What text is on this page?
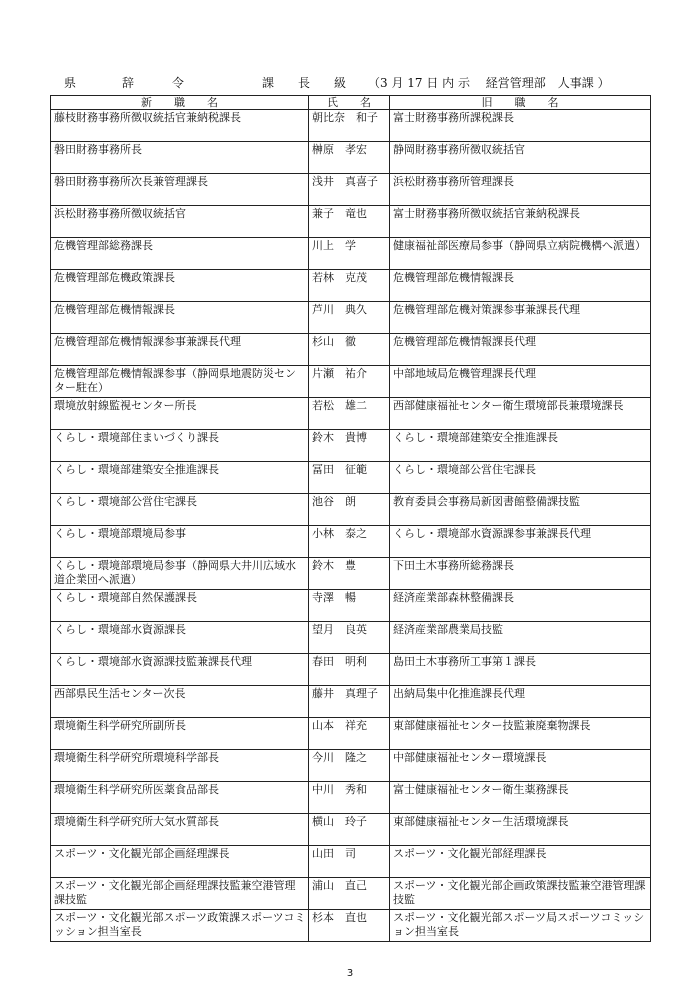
県	辞	令	課 長 級	（3 月 17 日 内 示　 経営管理部　人事課 ）
新　　職　　名	氏　　名	旧　　職　　名
藤枝財務事務所徴収統括官兼納税課長	朝比奈　和子	富士財務事務所課税課長
磐田財務事務所長	榊原　孝宏	静岡財務事務所徴収統括官
磐田財務事務所次長兼管理課長	浅井　真喜子	浜松財務事務所管理課長
浜松財務事務所徴収統括官	兼子　竜也	富士財務事務所徴収統括官兼納税課長
危機管理部総務課長	川上　学	健康福祉部医療局参事（静岡県立病院機構へ派遣）
危機管理部危機政策課長	若林　克茂	危機管理部危機情報課長
危機管理部危機情報課長	芦川　典久	危機管理部危機対策課参事兼課長代理
危機管理部危機情報課参事兼課長代理	杉山　徹	危機管理部危機情報課長代理
危機管理部危機情報課参事（静岡県地震防災センター駐在）	片瀬　祐介	中部地域局危機管理課長代理
環境放射線監視センター所長	若松　雄二	西部健康福祉センター衛生環境部長兼環境課長
くらし・環境部住まいづくり課長	鈴木　貴博	くらし・環境部建築安全推進課長
くらし・環境部建築安全推進課長	冨田　征範	くらし・環境部公営住宅課長
くらし・環境部公営住宅課長	池谷　朗	教育委員会事務局新図書館整備課技監
くらし・環境部環境局参事	小林　泰之	くらし・環境部水資源課参事兼課長代理
くらし・環境部環境局参事（静岡県大井川広域水道企業団へ派遣）	鈴木　豊	下田土木事務所総務課長
くらし・環境部自然保護課長	寺澤　暢	経済産業部森林整備課長
くらし・環境部水資源課長	望月　良英	経済産業部農業局技監
くらし・環境部水資源課技監兼課長代理	春田　明利	島田土木事務所工事第１課長
西部県民生活センター次長	藤井　真理子	出納局集中化推進課長代理
環境衛生科学研究所副所長	山本　祥充	東部健康福祉センター技監兼廃棄物課長
環境衛生科学研究所環境科学部長	今川　隆之	中部健康福祉センター環境課長
環境衛生科学研究所医薬食品部長	中川　秀和	富士健康福祉センター衛生薬務課長
環境衛生科学研究所大気水質部長	横山　玲子	東部健康福祉センター生活環境課長
スポーツ・文化観光部企画経理課長	山田　司	スポーツ・文化観光部経理課長
スポーツ・文化観光部企画経理課技監兼空港管理課技監	浦山　直己	スポーツ・文化観光部企画政策課技監兼空港管理課技監
スポーツ・文化観光部スポーツ政策課スポーツコミッション担当室長	杉本　直也	スポーツ・文化観光部スポーツ局スポーツコミッション担当室長
3
